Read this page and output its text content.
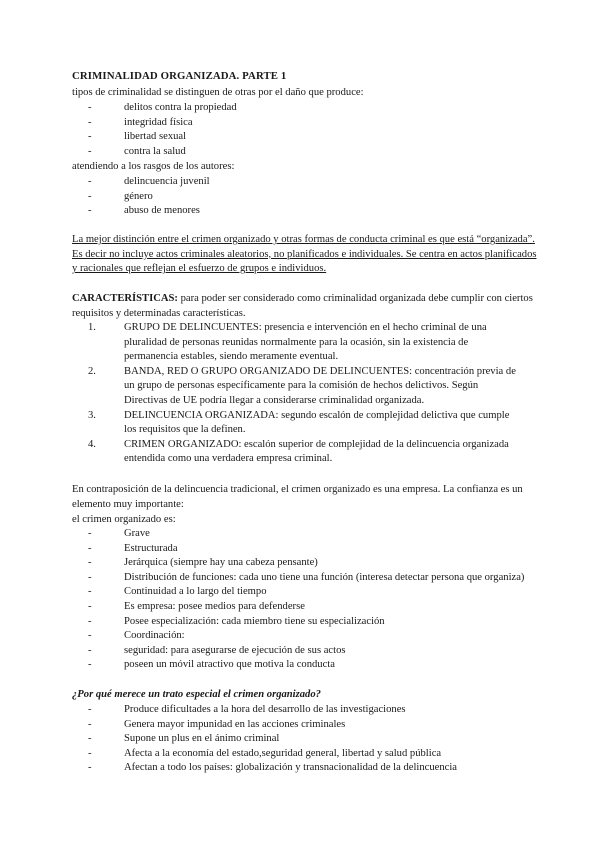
CRIMINALIDAD ORGANIZADA. PARTE 1
tipos de criminalidad se distinguen de otras por el daño que produce:
- delitos contra la propiedad
- integridad física
- libertad sexual
- contra la salud
atendiendo a los rasgos de los autores:
- delincuencia juvenil
- género
- abuso de menores
La mejor distinción entre el crimen organizado y otras formas de conducta criminal es que está “organizada”. Es decir no incluye actos criminales aleatorios, no planificados e individuales. Se centra en actos planificados y racionales que reflejan el esfuerzo de grupos e individuos.
CARACTERÍSTICAS: para poder ser considerado como criminalidad organizada debe cumplir con ciertos requisitos y determinadas características.
1.	GRUPO DE DELINCUENTES: presencia e intervención en el hecho criminal de una pluralidad de personas reunidas normalmente para la ocasión, sin la existencia de permanencia estables, siendo meramente eventual.
2.	BANDA, RED O GRUPO ORGANIZADO DE DELINCUENTES: concentración previa de un grupo de personas específicamente para la comisión de hechos delictivos. Según Directivas de UE podría llegar a considerarse criminalidad organizada.
3.	DELINCUENCIA ORGANIZADA: segundo escalón de complejidad delictiva que cumple los requisitos que la definen.
4.	CRIMEN ORGANIZADO: escalón superior de complejidad de la delincuencia organizada entendida como una verdadera empresa criminal.
En contraposición de la delincuencia tradicional, el crimen organizado es una empresa. La confianza es un elemento muy importante:
el crimen organizado es:
- Grave
- Estructurada
- Jerárquica (siempre hay una cabeza pensante)
- Distribución de funciones: cada uno tiene una función (interesa detectar persona que organiza)
- Continuidad a lo largo del tiempo
- Es empresa: posee medios para defenderse
- Posee especialización: cada miembro tiene su especialización
- Coordinación:
- seguridad: para asegurarse de ejecución de sus actos
- poseen un móvil atractivo que motiva la conducta
¿Por qué merece un trato especial el crimen organizado?
- Produce dificultades a la hora del desarrollo de las investigaciones
- Genera mayor impunidad en las acciones criminales
- Supone un plus en el ánimo criminal
- Afecta a la economía del estado,seguridad general, libertad y salud pública
- Afectan a todo los países: globalización y transnacionalidad de la delincuencia
